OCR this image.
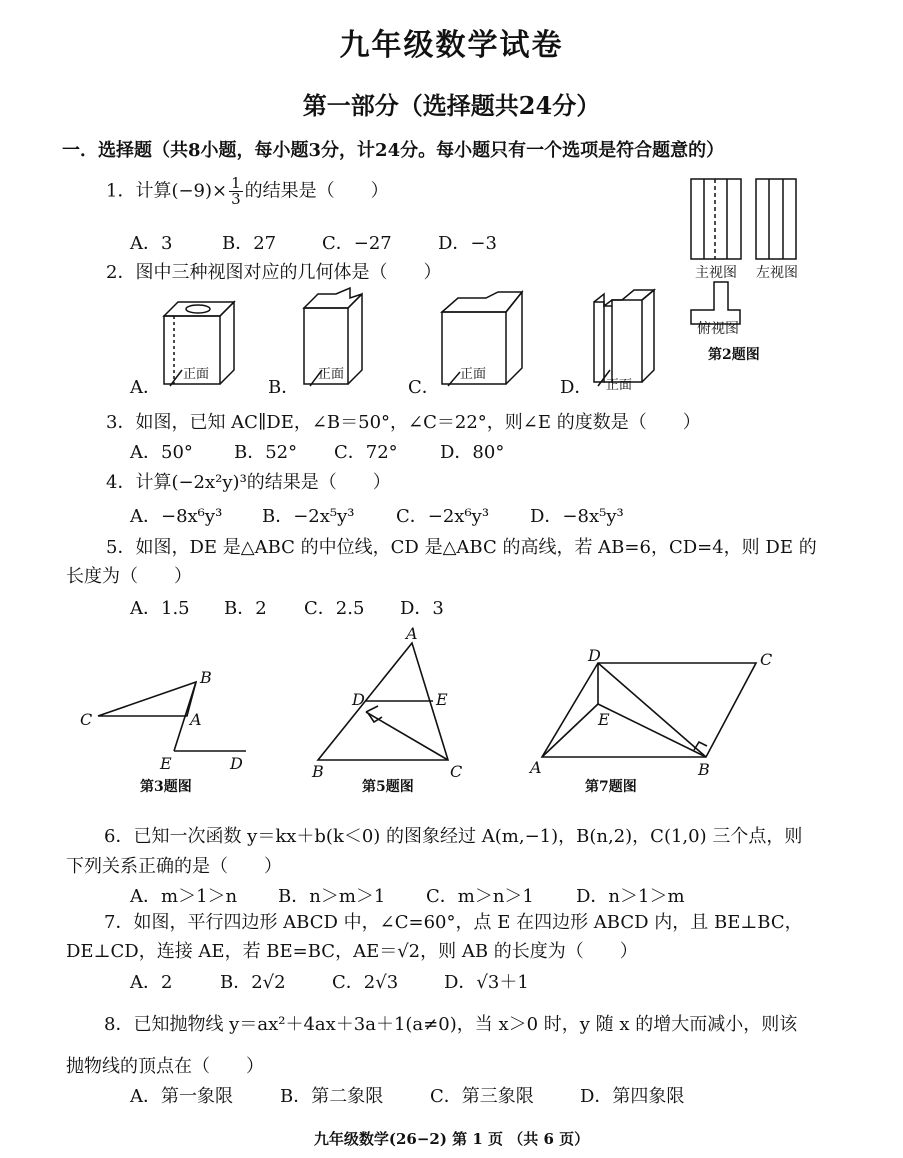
九年级数学试卷
第一部分（选择题共24分）
一．选择题（共8小题，每小题3分，计24分。每小题只有一个选项是符合题意的）
1．计算$(-9)\times \frac{1}{3}$ 的结果是（　　）
A．3	B．27	C．−27	D．−3
主视图 左视图
俯视图
第2题图
2．图中三种视图对应的几何体是（　　）
正面
A．
正面
B．
正面
C．	正面
D．
3．如图，已知 AC∥DE，∠B＝50°，∠C＝22°，则∠E 的度数是（　　）
A．50° B．52° C．72° D．80°
4．计算(−2x²y)³的结果是（　　）
A．−8x⁶y³ B．−2x⁵y³ C．−2x⁶y³ D．−8x⁵y³
5．如图，DE 是△ABC 的中位线，CD 是△ABC 的高线，若 AB=6，CD=4，则 DE 的
长度为（　　）
A．1.5 B．2 C．2.5 D．3
B
C	A
E	D
第3题图
A
D	E
B	C
第5题图
D	C
E
A	B
第7题图
6．已知一次函数 y＝kx＋b(k＜0) 的图象经过 A(m,−1)，B(n,2)，C(1,0) 三个点，则
下列关系正确的是（　　）
A．m＞1＞n B．n＞m＞1 C．m＞n＞1 D．n＞1＞m
7．如图，平行四边形 ABCD 中，∠C=60°，点 E 在四边形 ABCD 内，且 BE⊥BC，
DE⊥CD，连接 AE，若 BE=BC，AE＝√2，则 AB 的长度为（　　）
A．2	B．2√2	C．2√3	D．√3＋1
8．已知抛物线 y＝ax²＋4ax＋3a＋1(a≠0)，当 x＞0 时，y 随 x 的增大而减小，则该
抛物线的顶点在（　　）
A．第一象限	B．第二象限	C．第三象限	D．第四象限
九年级数学(26−2) 第 1 页 （共 6 页）
